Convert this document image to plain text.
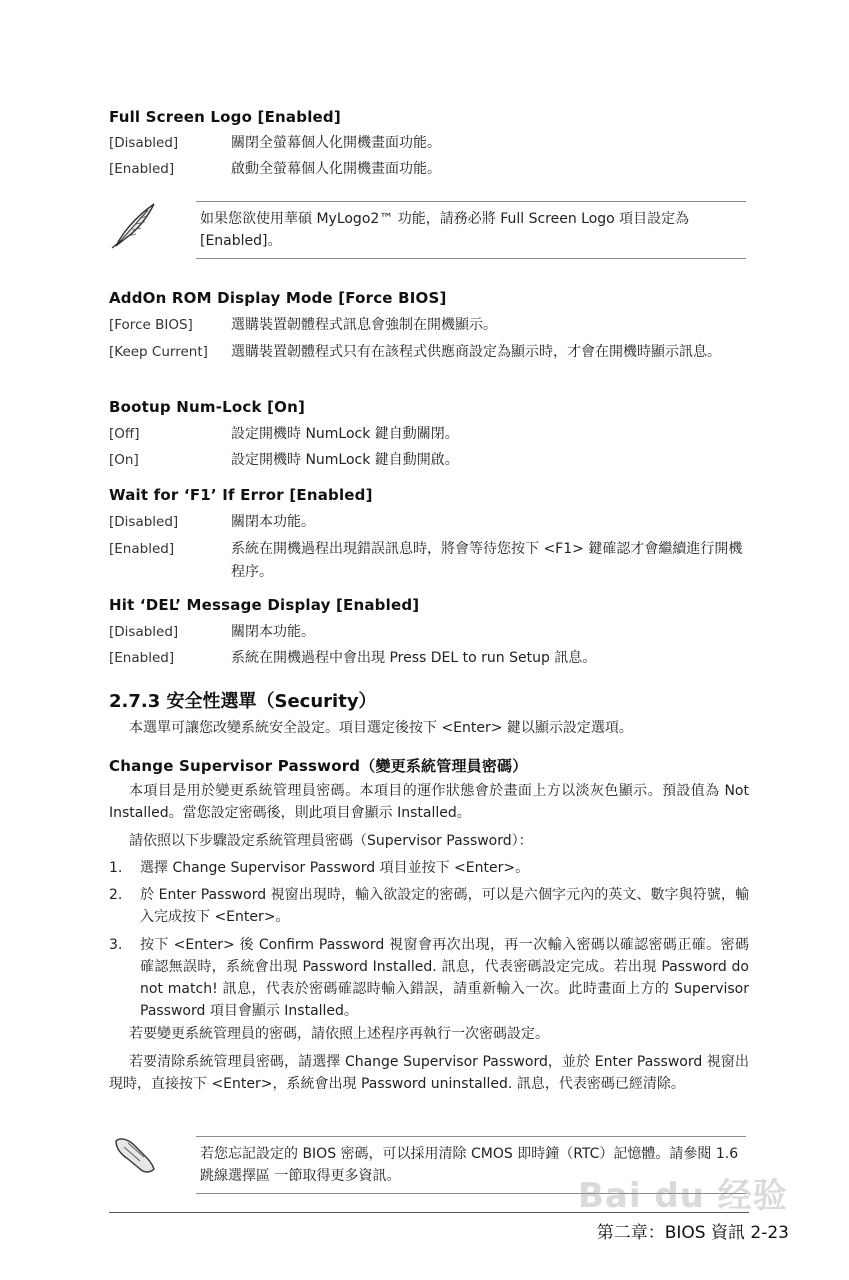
Full Screen Logo [Enabled]
[Disabled]	關閉全螢幕個人化開機畫面功能。
[Enabled]	啟動全螢幕個人化開機畫面功能。
如果您欲使用華碩 MyLogo2™ 功能，請務必將 Full Screen Logo 項目設定為 [Enabled]。
AddOn ROM Display Mode [Force BIOS]
[Force BIOS]	選購裝置韌體程式訊息會強制在開機顯示。
[Keep Current] 選購裝置韌體程式只有在該程式供應商設定為顯示時，才會在開機時顯示訊息。
Bootup Num-Lock [On]
[Off]	設定開機時 NumLock 鍵自動關閉。
[On]	設定開機時 NumLock 鍵自動開啟。
Wait for ‘F1’ If Error [Enabled]
[Disabled]	關閉本功能。
[Enabled]	系統在開機過程出現錯誤訊息時，將會等待您按下 <F1> 鍵確認才會繼續進行開機程序。
Hit ‘DEL’ Message Display [Enabled]
[Disabled]	關閉本功能。
[Enabled]	系統在開機過程中會出現 Press DEL to run Setup 訊息。
2.7.3 安全性選單（Security）
本選單可讓您改變系統安全設定。項目選定後按下 <Enter> 鍵以顯示設定選項。
Change Supervisor Password（變更系統管理員密碼）
本項目是用於變更系統管理員密碼。本項目的運作狀態會於畫面上方以淡灰色顯示。預設值為 Not Installed。當您設定密碼後，則此項目會顯示 Installed。
請依照以下步驟設定系統管理員密碼（Supervisor Password）：
1. 選擇 Change Supervisor Password 項目並按下 <Enter>。
2. 於 Enter Password 視窗出現時，輸入欲設定的密碼，可以是六個字元內的英文、數字與符號，輸入完成按下 <Enter>。
3. 按下 <Enter> 後 Confirm Password 視窗會再次出現，再一次輸入密碼以確認密碼正確。密碼確認無誤時，系統會出現 Password Installed. 訊息，代表密碼設定完成。若出現 Password do not match! 訊息，代表於密碼確認時輸入錯誤，請重新輸入一次。此時畫面上方的 Supervisor Password 項目會顯示 Installed。
若要變更系統管理員的密碼，請依照上述程序再執行一次密碼設定。
若要清除系統管理員密碼，請選擇 Change Supervisor Password，並於 Enter Password 視窗出現時，直接按下 <Enter>，系統會出現 Password uninstalled. 訊息，代表密碼已經清除。
若您忘記設定的 BIOS 密碼，可以採用清除 CMOS 即時鐘（RTC）記憶體。請參閱 1.6 跳線選擇區 一節取得更多資訊。	Bai du 经验
第二章：BIOS 資訊 2-23
